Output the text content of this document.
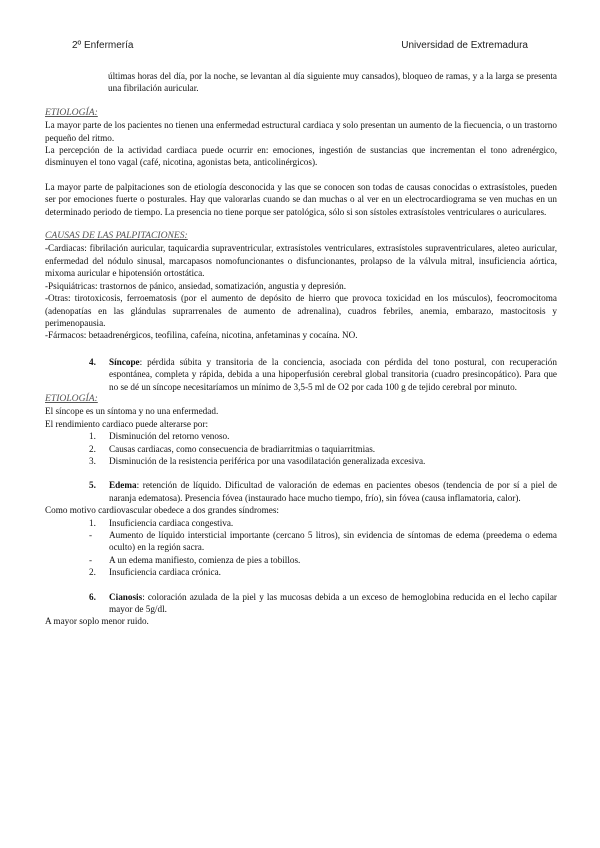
2º Enfermería	Universidad de Extremadura

últimas horas del día, por la noche, se levantan al día siguiente muy cansados), bloqueo de ramas, y a la larga se presenta una fibrilación auricular.

ETIOLOGÍA:

La mayor parte de los pacientes no tienen una enfermedad estructural cardiaca y solo presentan un aumento de la fiecuencia, o un trastorno pequeño del ritmo.

La percepción de la actividad cardiaca puede ocurrir en: emociones, ingestión de sustancias que incrementan el tono adrenérgico, disminuyen el tono vagal (café, nicotina, agonistas beta, anticolinérgicos).

La mayor parte de palpitaciones son de etiología desconocida y las que se conocen son todas de causas conocidas o extrasístoles, pueden ser por emociones fuerte o posturales. Hay que valorarlas cuando se dan muchas o al ver en un electrocardiograma se ven muchas en un determinado periodo de tiempo. La presencia no tiene porque ser patológica, sólo si son sístoles extrasístoles ventriculares o auriculares.

CAUSAS DE LAS PALPITACIONES:

-Cardiacas: fibrilación auricular, taquicardia supraventricular, extrasístoles ventriculares, extrasístoles supraventriculares, aleteo auricular, enfermedad del nódulo sinusal, marcapasos nomofuncionantes o disfuncionantes, prolapso de la válvula mitral, insuficiencia aórtica, mixoma auricular e hipotensión ortostática.

-Psiquiátricas: trastornos de pánico, ansiedad, somatización, angustia y depresión.

-Otras: tirotoxicosis, ferroematosis (por el aumento de depósito de hierro que provoca toxicidad en los músculos), feocromocitoma (adenopatías en las glándulas suprarrenales de aumento de adrenalina), cuadros febriles, anemia, embarazo, mastocitosis y perimenopausia.

-Fármacos: betaadrenérgicos, teofilina, cafeína, nicotina, anfetaminas y cocaína. NO.

4.	Síncope: pérdida súbita y transitoria de la conciencia, asociada con pérdida del tono postural, con recuperación espontánea, completa y rápida, debida a una hipoperfusión cerebral global transitoria (cuadro presincopático). Para que no se dé un síncope necesitaríamos un mínimo de 3,5-5 ml de O2 por cada 100 g de tejido cerebral por minuto.

ETIOLOGÍA:

El síncope es un síntoma y no una enfermedad.

El rendimiento cardiaco puede alterarse por:

1.	Disminución del retorno venoso.
2.	Causas cardiacas, como consecuencia de bradiarritmias o taquiarritmias.
3.	Disminución de la resistencia periférica por una vasodilatación generalizada excesiva.
5.	Edema: retención de líquido. Dificultad de valoración de edemas en pacientes obesos (tendencia de por sí a piel de naranja edematosa). Presencia fóvea (instaurado hace mucho tiempo, frío), sin fóvea (causa inflamatoria, calor).

Como motivo cardiovascular obedece a dos grandes síndromes:

1.	Insuficiencia cardiaca congestiva.
-	Aumento de líquido intersticial importante (cercano 5 litros), sin evidencia de síntomas de edema (preedema o edema oculto) en la región sacra.
-	A un edema manifiesto, comienza de pies a tobillos.
2.	Insuficiencia cardiaca crónica.
6.	Cianosis: coloración azulada de la piel y las mucosas debida a un exceso de hemoglobina reducida en el lecho capilar mayor de 5g/dl.

A mayor soplo menor ruido.
